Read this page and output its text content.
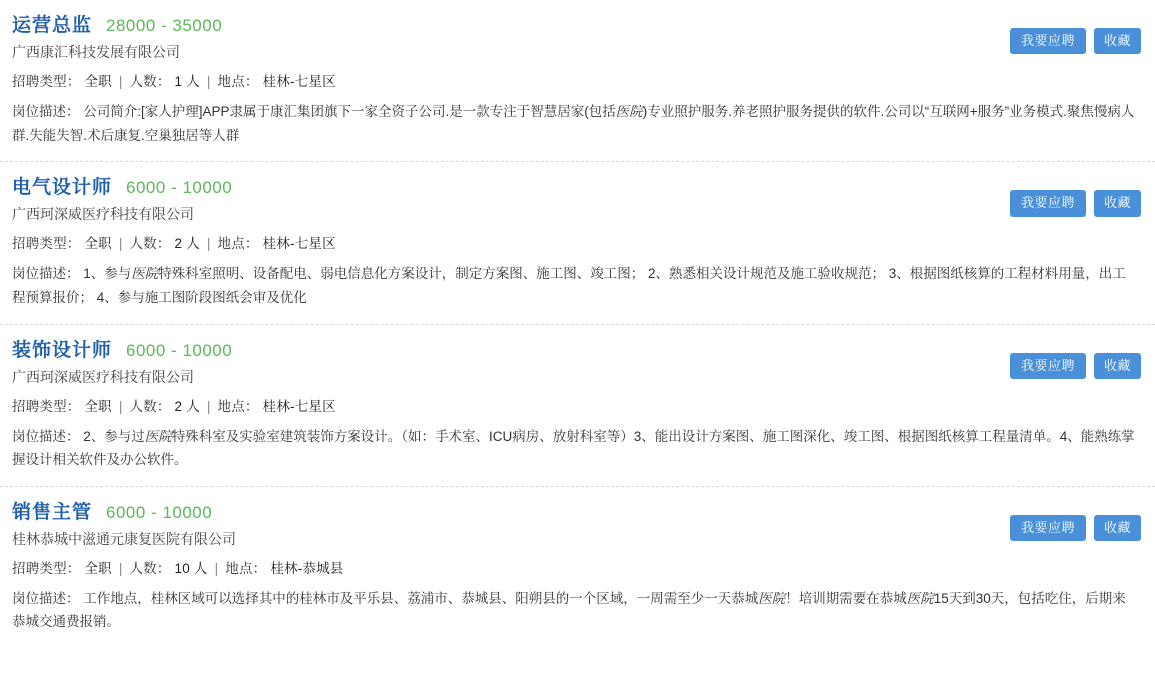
运营总监 28000 - 35000
广西康汇科技发展有限公司
招聘类型： 全职 | 人数： 1 人 | 地点： 桂林-七星区
岗位描述： 公司简介:[家人护理]APP隶属于康汇集团旗下一家全资子公司.是一款专注于智慧居家(包括医院)专业照护服务.养老照护服务提供的软件.公司以“互联网+服务”业务模式.聚焦慢病人群.失能失智.术后康复.空巢独居等人群
我要应聘	收藏
电气设计师 6000 - 10000
广西珂深威医疗科技有限公司
招聘类型： 全职 | 人数： 2 人 | 地点： 桂林-七星区
岗位描述： 1、参与医院特殊科室照明、设备配电、弱电信息化方案设计，制定方案图、施工图、竣工图； 2、熟悉相关设计规范及施工验收规范； 3、根据图纸核算的工程材料用量，出工程预算报价； 4、参与施工图阶段图纸会审及优化
我要应聘	收藏
装饰设计师 6000 - 10000
广西珂深威医疗科技有限公司
招聘类型： 全职 | 人数： 2 人 | 地点： 桂林-七星区
岗位描述： 2、参与过医院特殊科室及实验室建筑装饰方案设计。（如：手术室、ICU病房、放射科室等）3、能出设计方案图、施工图深化、竣工图、根据图纸核算工程量清单。4、能熟练掌握设计相关软件及办公软件。
我要应聘	收藏
销售主管 6000 - 10000
桂林恭城中滋通元康复医院有限公司
招聘类型： 全职 | 人数： 10 人 | 地点： 桂林-恭城县
岗位描述： 工作地点，桂林区域可以选择其中的桂林市及平乐县、荔浦市、恭城县、阳朔县的一个区域，一周需至少一天恭城医院！培训期需要在恭城医院15天到30天，包括吃住，后期来恭城交通费报销。
我要应聘	收藏
